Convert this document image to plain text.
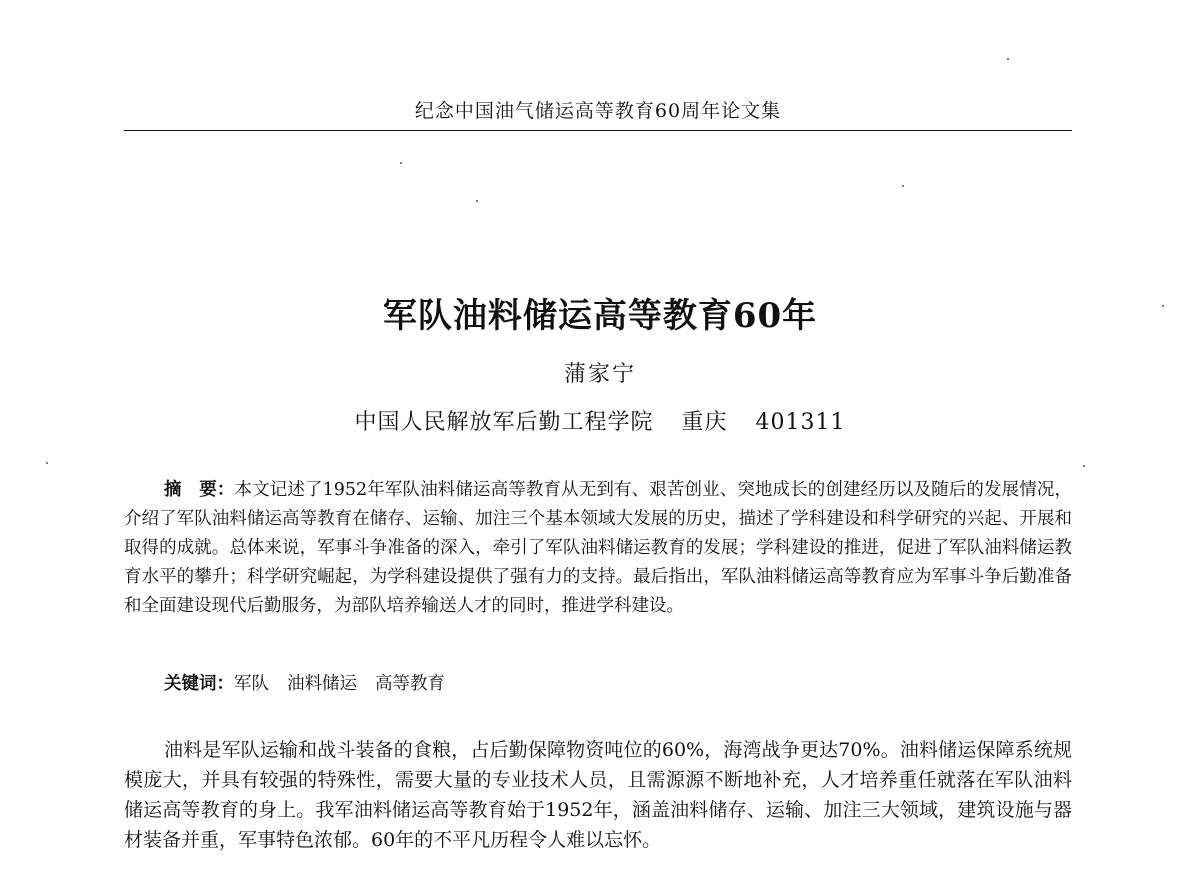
纪念中国油气储运高等教育60周年论文集
军队油料储运高等教育60年
蒲家宁
中国人民解放军后勤工程学院 重庆 401311

摘　要：本文记述了1952年军队油料储运高等教育从无到有、艰苦创业、突地成长的创建经历以及随后的发展情况，介绍了军队油料储运高等教育在储存、运输、加注三个基本领域大发展的历史，描述了学科建设和科学研究的兴起、开展和取得的成就。总体来说，军事斗争准备的深入，牵引了军队油料储运教育的发展；学科建设的推进，促进了军队油料储运教育水平的攀升；科学研究崛起，为学科建设提供了强有力的支持。最后指出，军队油料储运高等教育应为军事斗争后勤准备和全面建设现代后勤服务，为部队培养输送人才的同时，推进学科建设。

关键词：军队 油料储运 高等教育

油料是军队运输和战斗装备的食粮，占后勤保障物资吨位的60%，海湾战争更达70%。油料储运保障系统规模庞大，并具有较强的特殊性，需要大量的专业技术人员，且需源源不断地补充，人才培养重任就落在军队油料储运高等教育的身上。我军油料储运高等教育始于1952年，涵盖油料储存、运输、加注三大领域，建筑设施与器材装备并重，军事特色浓郁。60年的不平凡历程令人难以忘怀。
